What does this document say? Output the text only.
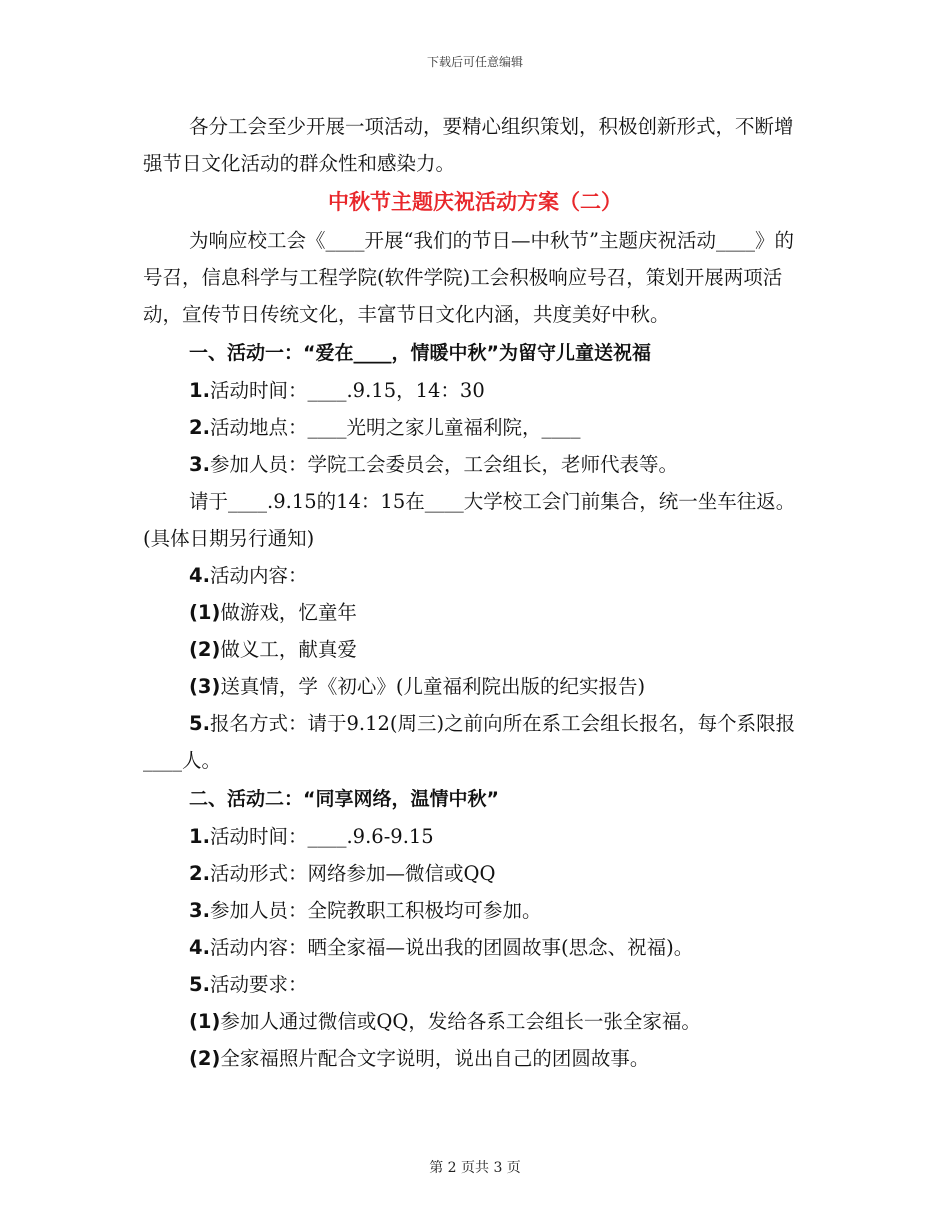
下载后可任意编辑

各分工会至少开展一项活动，要精心组织策划，积极创新形式，不断增强节日文化活动的群众性和感染力。

中秋节主题庆祝活动方案（二）

为响应校工会《____开展“我们的节日—中秋节”主题庆祝活动____》的号召，信息科学与工程学院(软件学院)工会积极响应号召，策划开展两项活动，宣传节日传统文化，丰富节日文化内涵，共度美好中秋。

一、活动一：“爱在____，情暖中秋”为留守儿童送祝福

1.活动时间：____.9.15，14：30

2.活动地点：____光明之家儿童福利院，____

3.参加人员：学院工会委员会，工会组长，老师代表等。

请于____.9.15的14：15在____大学校工会门前集合，统一坐车往返。(具体日期另行通知)

4.活动内容：

(1)做游戏，忆童年

(2)做义工，献真爱

(3)送真情，学《初心》(儿童福利院出版的纪实报告)

5.报名方式：请于9.12(周三)之前向所在系工会组长报名，每个系限报____人。

二、活动二：“同享网络，温情中秋”

1.活动时间：____.9.6-9.15

2.活动形式：网络参加—微信或QQ

3.参加人员：全院教职工积极均可参加。

4.活动内容：晒全家福—说出我的团圆故事(思念、祝福)。

5.活动要求：

(1)参加人通过微信或QQ，发给各系工会组长一张全家福。

(2)全家福照片配合文字说明，说出自己的团圆故事。

第 2 页共 3 页
